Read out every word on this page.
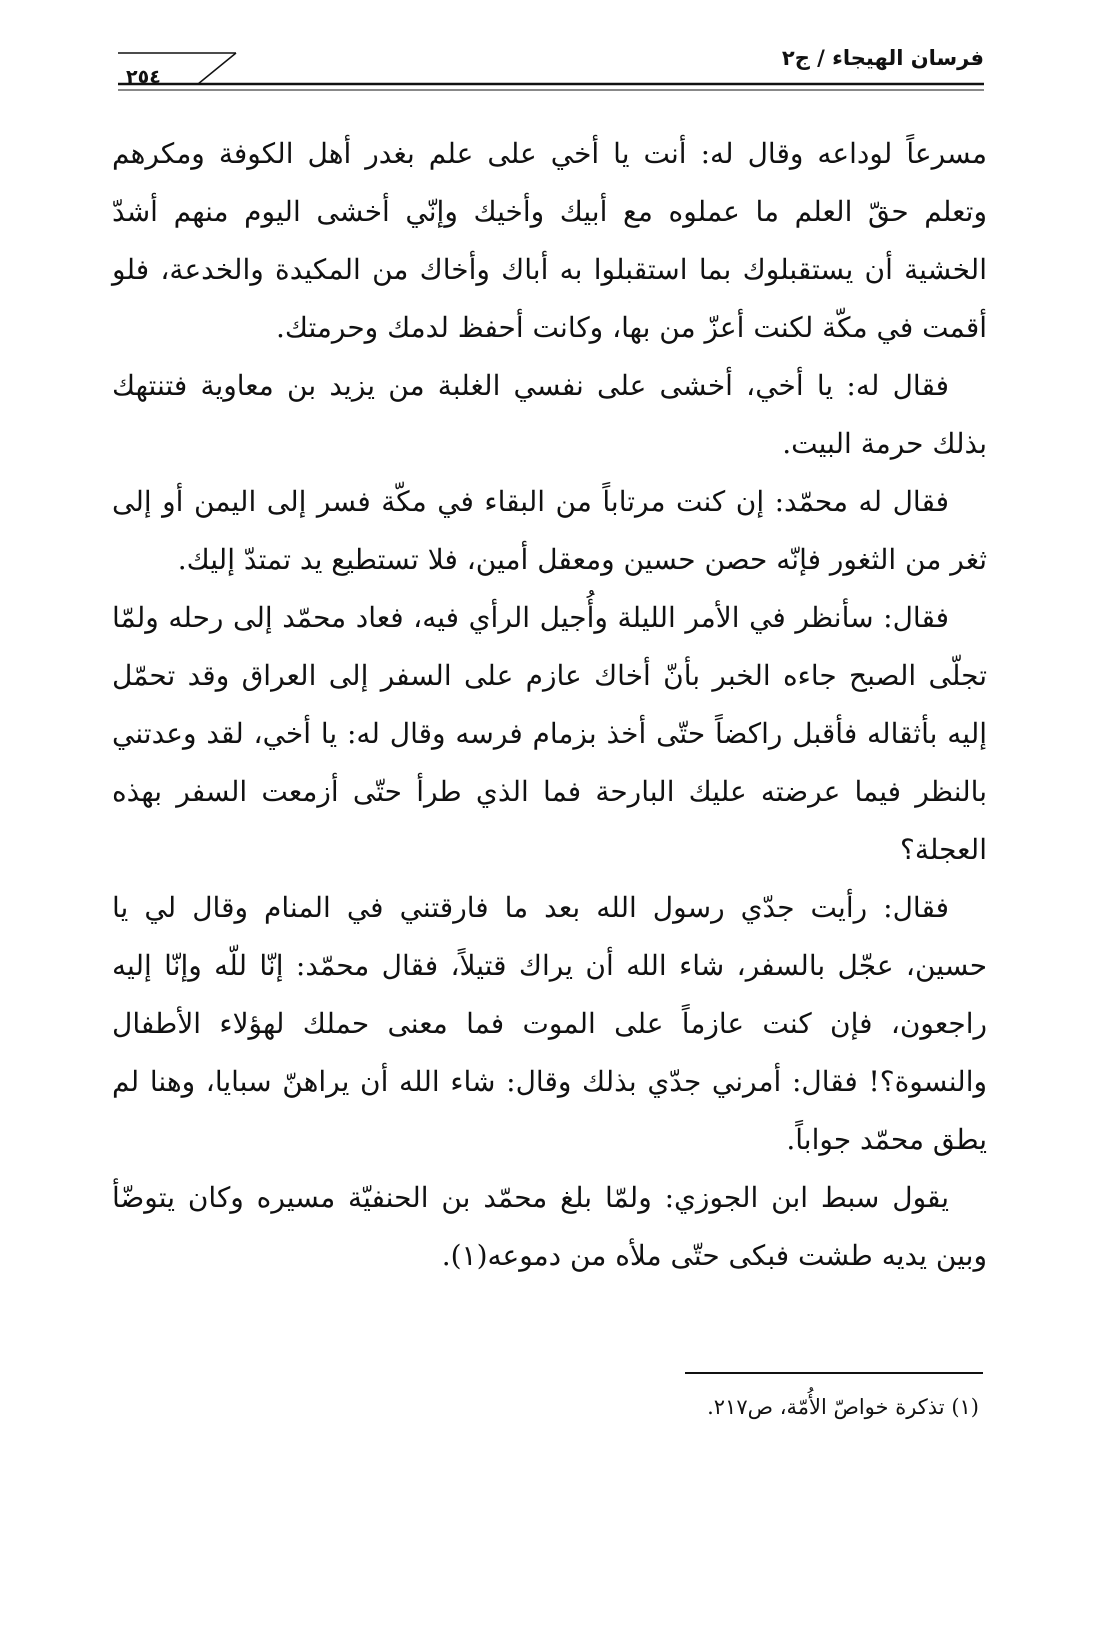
فرسان الهيجاء / ج٢
٢٥٤

مسرعاً لوداعه وقال له: أنت يا أخي على علم بغدر أهل الكوفة ومكرهم وتعلم حقّ العلم ما عملوه مع أبيك وأخيك وإنّي أخشى اليوم منهم أشدّ الخشية أن يستقبلوك بما استقبلوا به أباك وأخاك من المكيدة والخدعة، فلو أقمت في مكّة لكنت أعزّ من بها، وكانت أحفظ لدمك وحرمتك.

فقال له: يا أخي، أخشى على نفسي الغلبة من يزيد بن معاوية فتنتهك بذلك حرمة البيت.

فقال له محمّد: إن كنت مرتاباً من البقاء في مكّة فسر إلى اليمن أو إلى ثغر من الثغور فإنّه حصن حسين ومعقل أمين، فلا تستطيع يد تمتدّ إليك.

فقال: سأنظر في الأمر الليلة وأُجيل الرأي فيه، فعاد محمّد إلى رحله ولمّا تجلّى الصبح جاءه الخبر بأنّ أخاك عازم على السفر إلى العراق وقد تحمّل إليه بأثقاله فأقبل راكضاً حتّى أخذ بزمام فرسه وقال له: يا أخي، لقد وعدتني بالنظر فيما عرضته عليك البارحة فما الذي طرأ حتّى أزمعت السفر بهذه العجلة؟

فقال: رأيت جدّي رسول الله بعد ما فارقتني في المنام وقال لي يا حسين، عجّل بالسفر، شاء الله أن يراك قتيلاً، فقال محمّد: إنّا للّه وإنّا إليه راجعون، فإن كنت عازماً على الموت فما معنى حملك لهؤلاء الأطفال والنسوة؟! فقال: أمرني جدّي بذلك وقال: شاء الله أن يراهنّ سبايا، وهنا لم يطق محمّد جواباً.

يقول سبط ابن الجوزي: ولمّا بلغ محمّد بن الحنفيّة مسيره وكان يتوضّأ وبين يديه طشت فبكى حتّى ملأه من دموعه(١).

(١) تذكرة خواصّ الأُمّة، ص٢١٧.
